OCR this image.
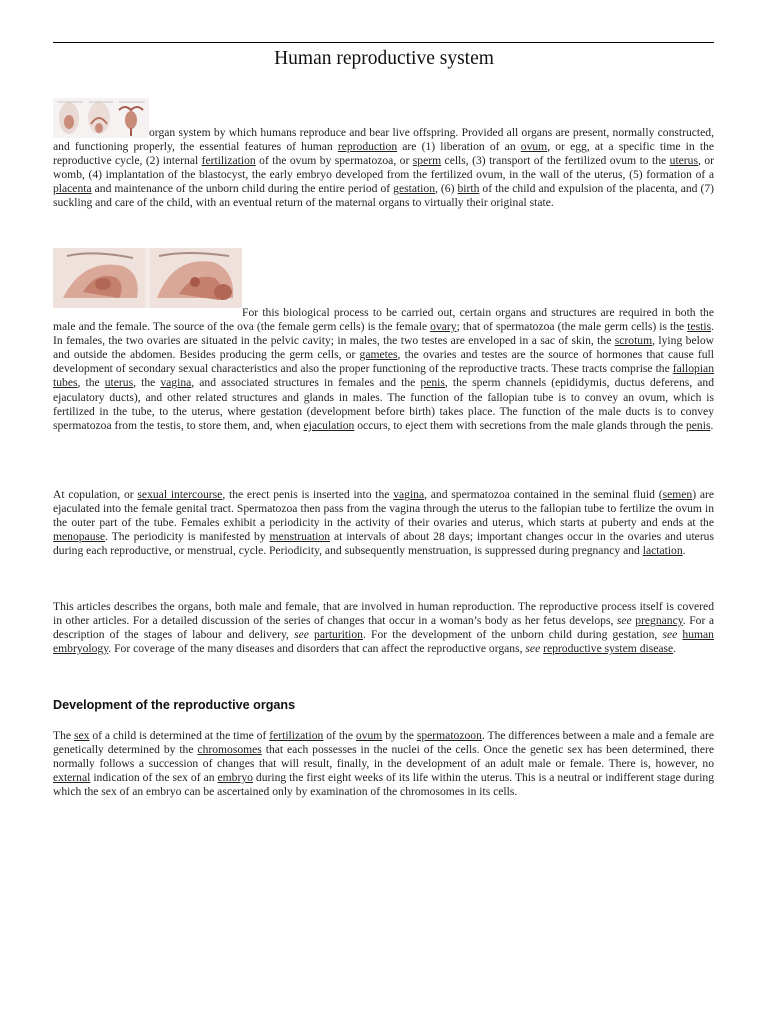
Human reproductive system

organ system by which humans reproduce and bear live offspring. Provided all organs are present, normally constructed, and functioning properly, the essential features of human reproduction are (1) liberation of an ovum, or egg, at a specific time in the reproductive cycle, (2) internal fertilization of the ovum by spermatozoa, or sperm cells, (3) transport of the fertilized ovum to the uterus, or womb, (4) implantation of the blastocyst, the early embryo developed from the fertilized ovum, in the wall of the uterus, (5) formation of a placenta and maintenance of the unborn child during the entire period of gestation, (6) birth of the child and expulsion of the placenta, and (7) suckling and care of the child, with an eventual return of the maternal organs to virtually their original state.

For this biological process to be carried out, certain organs and structures are required in both the male and the female. The source of the ova (the female germ cells) is the female ovary; that of spermatozoa (the male germ cells) is the testis. In females, the two ovaries are situated in the pelvic cavity; in males, the two testes are enveloped in a sac of skin, the scrotum, lying below and outside the abdomen. Besides producing the germ cells, or gametes, the ovaries and testes are the source of hormones that cause full development of secondary sexual characteristics and also the proper functioning of the reproductive tracts. These tracts comprise the fallopian tubes, the uterus, the vagina, and associated structures in females and the penis, the sperm channels (epididymis, ductus deferens, and ejaculatory ducts), and other related structures and glands in males. The function of the fallopian tube is to convey an ovum, which is fertilized in the tube, to the uterus, where gestation (development before birth) takes place. The function of the male ducts is to convey spermatozoa from the testis, to store them, and, when ejaculation occurs, to eject them with secretions from the male glands through the penis.

At copulation, or sexual intercourse, the erect penis is inserted into the vagina, and spermatozoa contained in the seminal fluid (semen) are ejaculated into the female genital tract. Spermatozoa then pass from the vagina through the uterus to the fallopian tube to fertilize the ovum in the outer part of the tube. Females exhibit a periodicity in the activity of their ovaries and uterus, which starts at puberty and ends at the menopause. The periodicity is manifested by menstruation at intervals of about 28 days; important changes occur in the ovaries and uterus during each reproductive, or menstrual, cycle. Periodicity, and subsequently menstruation, is suppressed during pregnancy and lactation.

This articles describes the organs, both male and female, that are involved in human reproduction. The reproductive process itself is covered in other articles. For a detailed discussion of the series of changes that occur in a woman’s body as her fetus develops, see pregnancy. For a description of the stages of labour and delivery, see parturition. For the development of the unborn child during gestation, see human embryology. For coverage of the many diseases and disorders that can affect the reproductive organs, see reproductive system disease.

Development of the reproductive organs

The sex of a child is determined at the time of fertilization of the ovum by the spermatozoon. The differences between a male and a female are genetically determined by the chromosomes that each possesses in the nuclei of the cells. Once the genetic sex has been determined, there normally follows a succession of changes that will result, finally, in the development of an adult male or female. There is, however, no external indication of the sex of an embryo during the first eight weeks of its life within the uterus. This is a neutral or indifferent stage during which the sex of an embryo can be ascertained only by examination of the chromosomes in its cells.
